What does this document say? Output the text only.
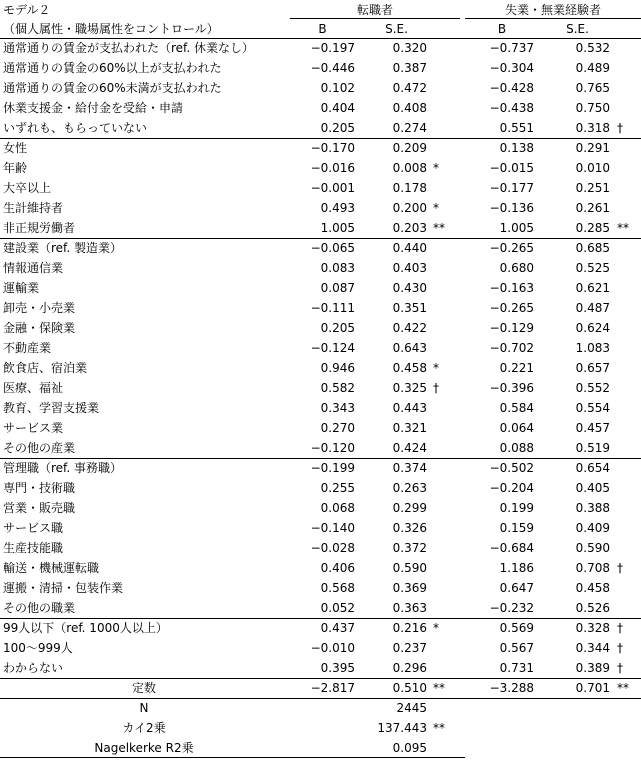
モデル２
（個人属性・職場属性をコントロール）
転職者	失業・無業経験者
B	S.E.	B	S.E.
通常通りの賃金が支払われた（ref. 休業なし）	−0.197	0.320	−0.737	0.532
通常通りの賃金の60%以上が支払われた	−0.446	0.387	−0.304	0.489
通常通りの賃金の60%未満が支払われた	0.102	0.472	−0.428	0.765
休業支援金・給付金を受給・申請	0.404	0.408	−0.438	0.750
いずれも、もらっていない	0.205	0.274	0.551	0.318 †
女性	−0.170	0.209	0.138	0.291
年齢	−0.016	0.008 *	−0.015	0.010
大卒以上	−0.001	0.178	−0.177	0.251
生計維持者	0.493	0.200 *	−0.136	0.261
非正規労働者	1.005	0.203 **	1.005	0.285 **
建設業（ref. 製造業）	−0.065	0.440	−0.265	0.685
情報通信業	0.083	0.403	0.680	0.525
運輸業	0.087	0.430	−0.163	0.621
卸売・小売業	−0.111	0.351	−0.265	0.487
金融・保険業	0.205	0.422	−0.129	0.624
不動産業	−0.124	0.643	−0.702	1.083
飲食店、宿泊業	0.946	0.458 *	0.221	0.657
医療、福祉	0.582	0.325 †	−0.396	0.552
教育、学習支援業	0.343	0.443	0.584	0.554
サービス業	0.270	0.321	0.064	0.457
その他の産業	−0.120	0.424	0.088	0.519
管理職（ref. 事務職）	−0.199	0.374	−0.502	0.654
専門・技術職	0.255	0.263	−0.204	0.405
営業・販売職	0.068	0.299	0.199	0.388
サービス職	−0.140	0.326	0.159	0.409
生産技能職	−0.028	0.372	−0.684	0.590
輸送・機械運転職	0.406	0.590	1.186	0.708 †
運搬・清掃・包装作業	0.568	0.369	0.647	0.458
その他の職業	0.052	0.363	−0.232	0.526
99人以下（ref. 1000人以上）	0.437	0.216 *	0.569	0.328 †
100～999人	−0.010	0.237	0.567	0.344 †
わからない	0.395	0.296	0.731	0.389 †
定数	−2.817	0.510 **	−3.288	0.701 **
N	2445
カイ2乗	137.443 **
Nagelkerke R2乗	0.095
